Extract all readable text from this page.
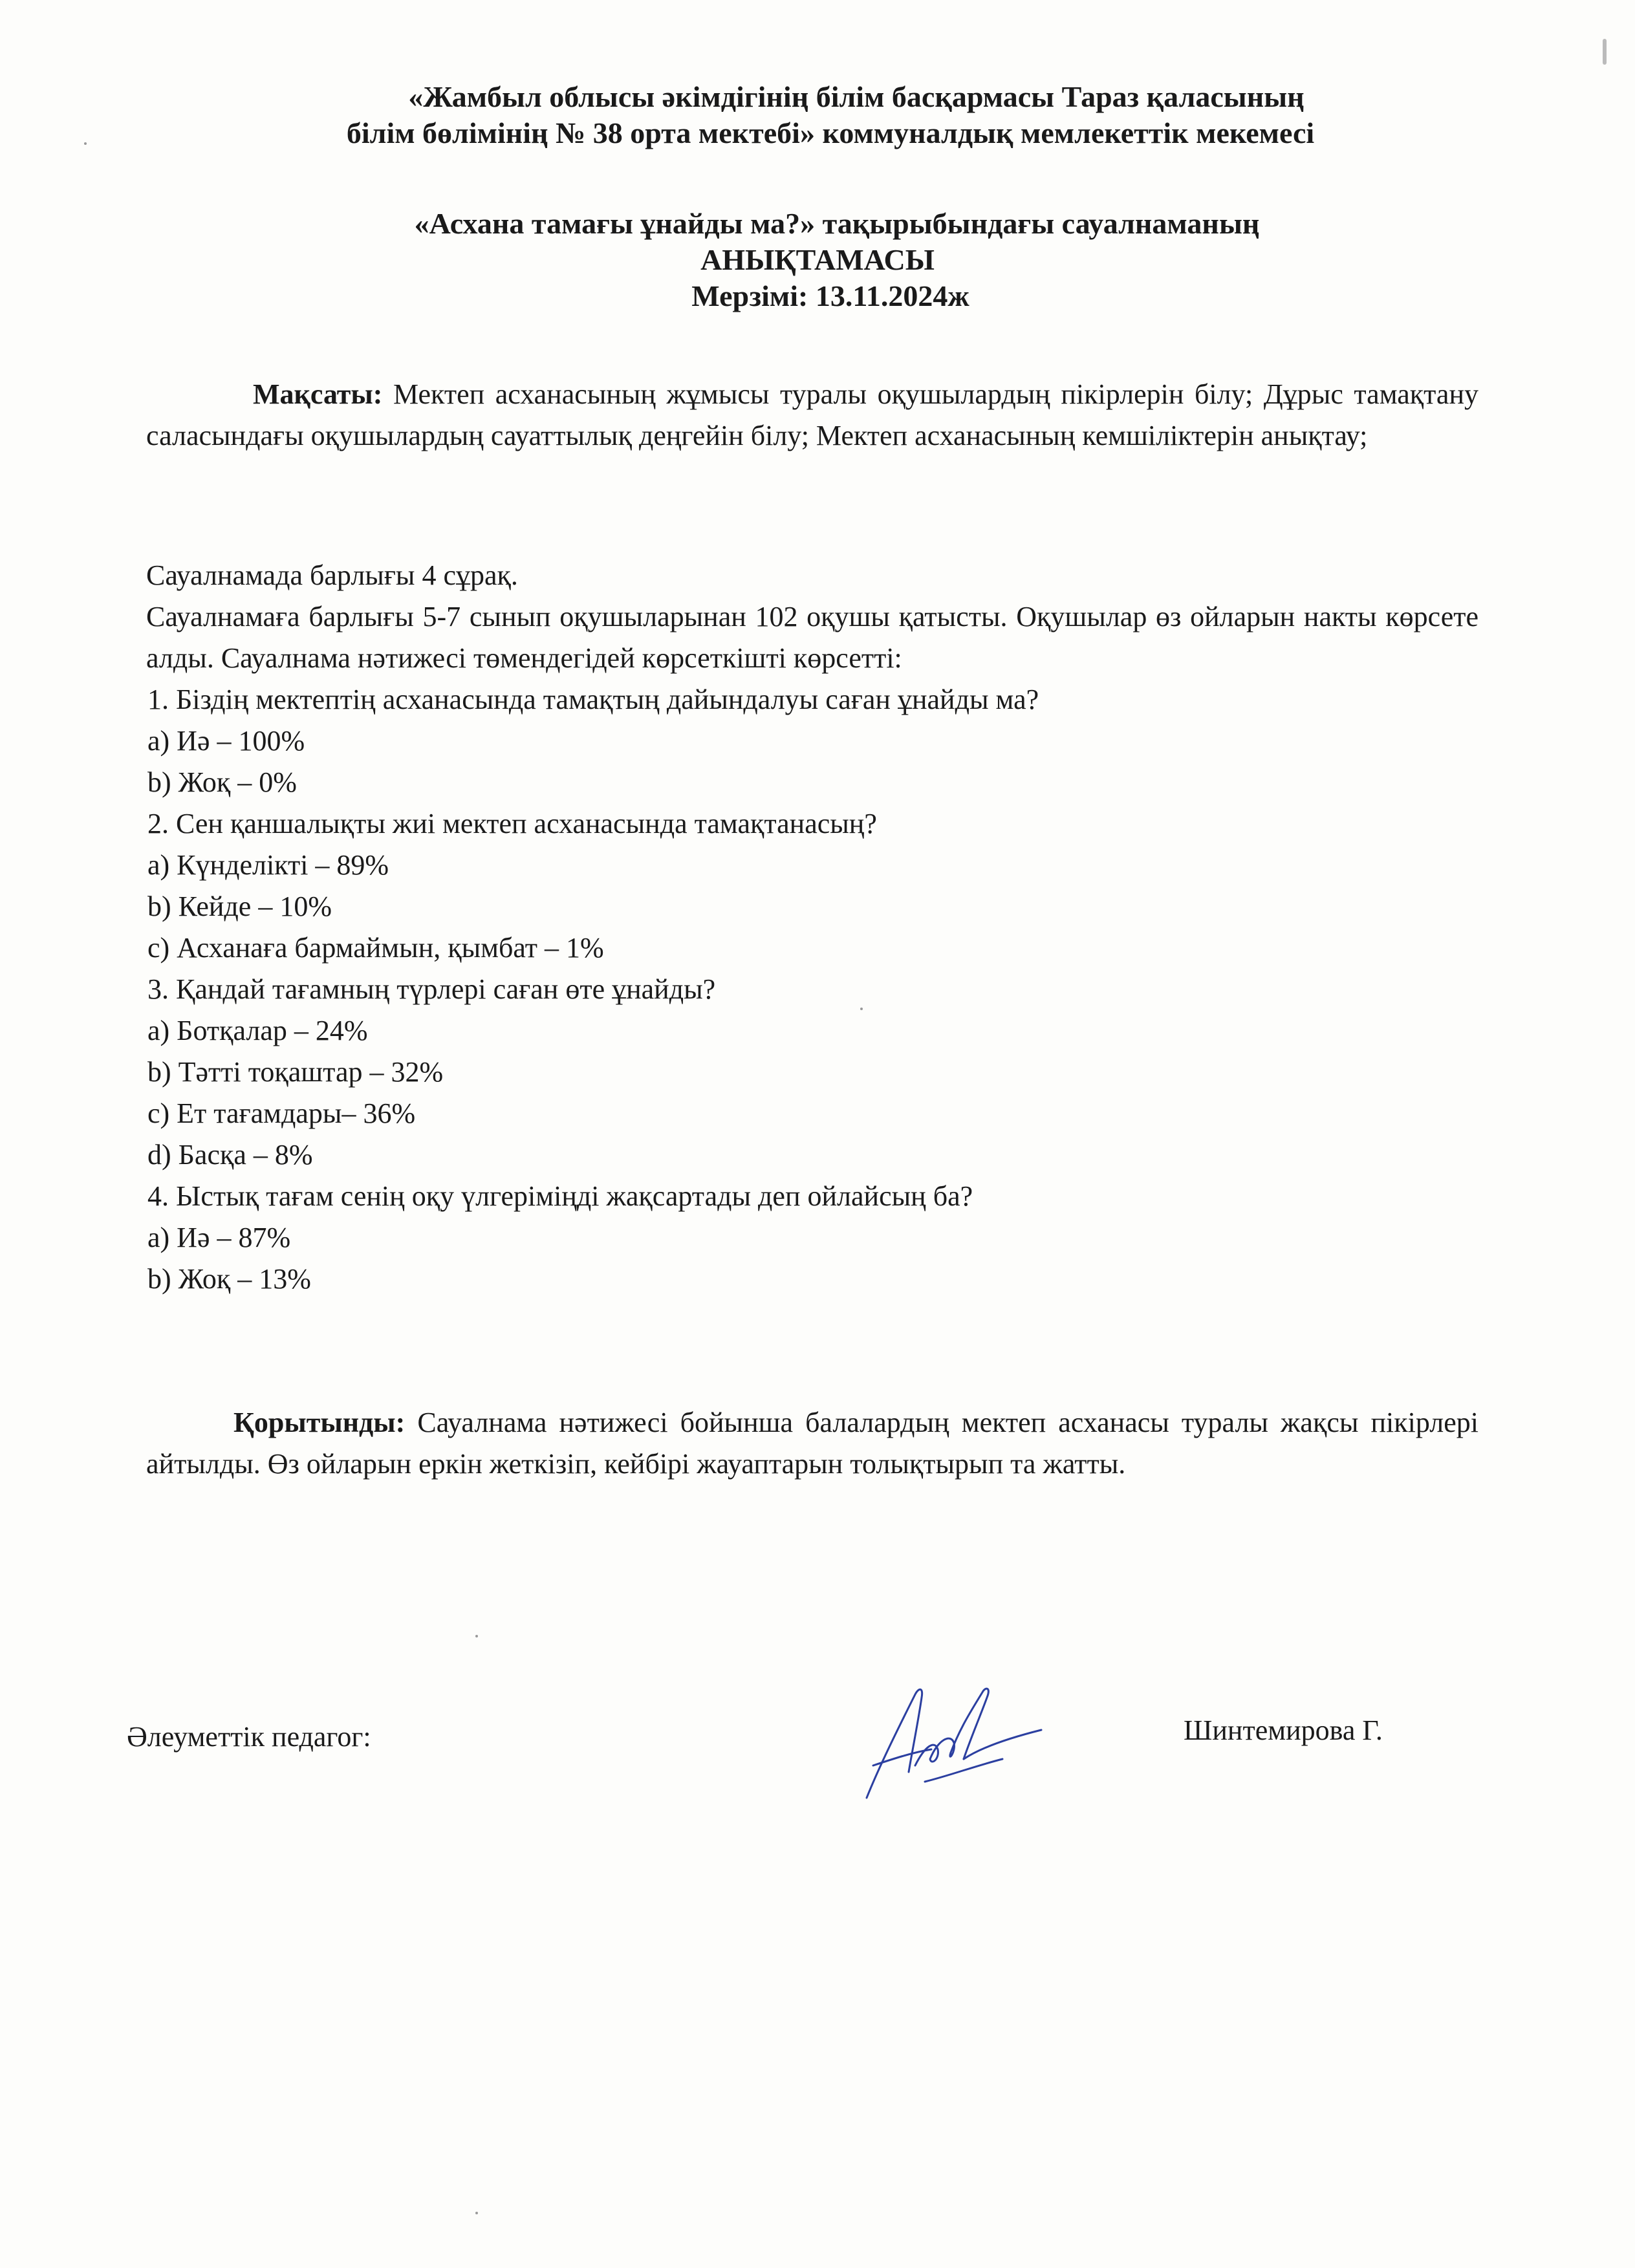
«Жамбыл облысы әкімдігінің білім басқармасы Тараз қаласының
білім бөлімінің № 38 орта мектебі» коммуналдық мемлекеттік мекемесі
«Асхана тамағы ұнайды ма?» тақырыбындағы сауалнаманың
АНЫҚТАМАСЫ
Мерзімі: 13.11.2024ж
Мақсаты: Мектеп асханасының жұмысы туралы оқушылардың пікірлерін білу; Дұрыс тамақтану саласындағы оқушылардың сауаттылық деңгейін білу; Мектеп асханасының кемшіліктерін анықтау;

Сауалнамада барлығы 4 сұрақ.

Сауалнамаға барлығы 5-7 сынып оқушыларынан 102 оқушы қатысты. Оқушылар өз ойларын накты көрсете алды. Сауалнама нәтижесі төмендегідей көрсеткішті көрсетті:

1. Біздің мектептің асханасында тамақтың дайындалуы саған ұнайды ма?

a) Иә – 100%

b) Жоқ – 0%

2. Сен қаншалықты жиі мектеп асханасында тамақтанасың?

a) Күнделікті – 89%

b) Кейде – 10%

c) Асханаға бармаймын, қымбат – 1%

3. Қандай тағамның түрлері саған өте ұнайды?

a) Ботқалар – 24%

b) Тәтті тоқаштар – 32%

c) Ет тағамдары– 36%

d) Басқа – 8%

4. Ыстық тағам сенің оқу үлгеріміңді жақсартады деп ойлайсың ба?

a) Иә – 87%

b) Жоқ – 13%

Қорытынды: Сауалнама нәтижесі бойынша балалардың мектеп асханасы туралы жақсы пікірлері айтылды. Өз ойларын еркін жеткізіп, кейбірі жауаптарын толықтырып та жатты.
Әлеуметтік педагог:	Шинтемирова Г.
